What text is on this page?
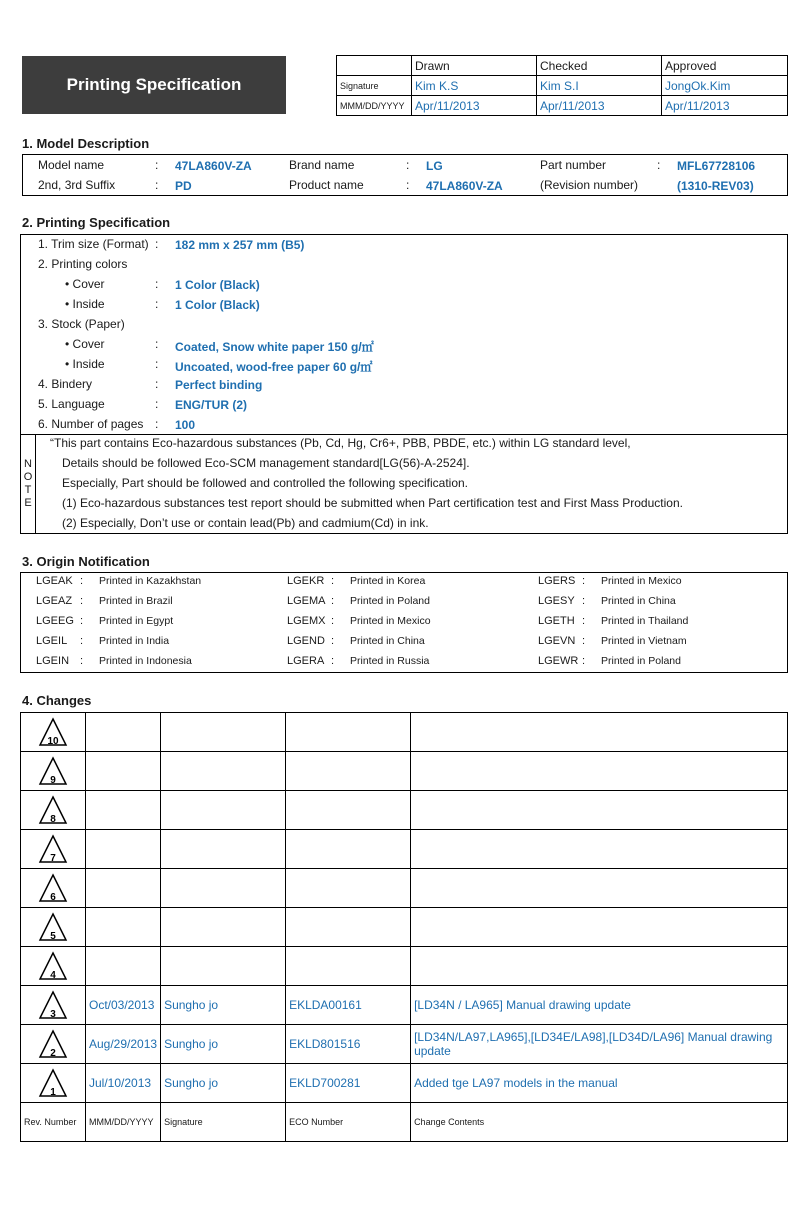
Printing Specification
	Drawn	Checked	Approved
Signature	Kim K.S	Kim S.I	JongOk.Kim
MMM/DD/YYYY	Apr/11/2013	Apr/11/2013	Apr/11/2013
1. Model Description
Model name	: 47LA860V-ZA	Brand name	: LG	Part number	: MFL67728106
2nd, 3rd Suffix	: PD	Product name	: 47LA860V-ZA	(Revision number)	(1310-REV03)
2. Printing Specification
1. Trim size (Format) : 182 mm x 257 mm (B5)
2. Printing colors
• Cover	: 1 Color (Black)
• Inside	: 1 Color (Black)
3. Stock (Paper)
• Cover	: Coated, Snow white paper 150 g/㎡
• Inside	: Uncoated, wood-free paper 60 g/㎡
4. Bindery	: Perfect binding
5. Language	: ENG/TUR (2)
6. Number of pages : 100
N
O
T
E
“This part contains Eco-hazardous substances (Pb, Cd, Hg, Cr6+, PBB, PBDE, etc.) within LG standard level,
Details should be followed Eco-SCM management standard[LG(56)-A-2524].
Especially, Part should be followed and controlled the following specification.
(1) Eco-hazardous substances test report should be submitted when Part certification test and First Mass Production.
(2) Especially, Don’t use or contain lead(Pb) and cadmium(Cd) in ink.
3. Origin Notification
LGEAK : Printed in Kazakhstan	LGEKR : Printed in Korea	LGERS : Printed in Mexico
LGEAZ : Printed in Brazil	LGEMA : Printed in Poland	LGESY : Printed in China
LGEEG : Printed in Egypt	LGEMX : Printed in Mexico	LGETH : Printed in Thailand
LGEIL : Printed in India	LGEND : Printed in China	LGEVN : Printed in Vietnam
LGEIN : Printed in Indonesia	LGERA : Printed in Russia	LGEWR : Printed in Poland
4. Changes
10				

9				

8				

7				

6				

5				

4				

3	Oct/03/2013	Sungho jo	EKLDA00161	[LD34N / LA965] Manual drawing update

2	Aug/29/2013	Sungho jo	EKLD801516	[LD34N/LA97,LA965],[LD34E/LA98],[LD34D/LA96] Manual drawing update

1	Jul/10/2013	Sungho jo	EKLD700281	Added tge LA97 models in the manual
Rev. Number	MMM/DD/YYYY	Signature	ECO Number	Change Contents
